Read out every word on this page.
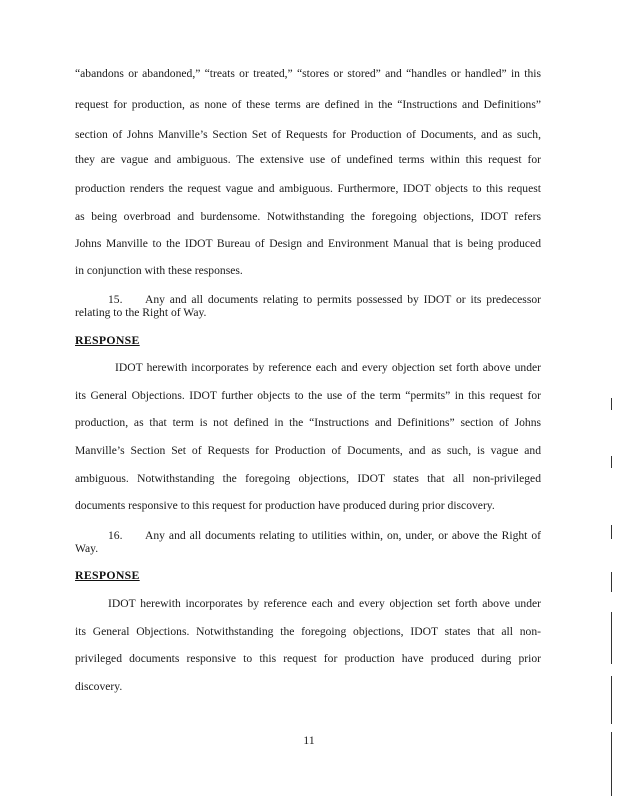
“abandons or abandoned,” “treats or treated,” “stores or stored” and “handles or handled” in this
request for production, as none of these terms are defined in the “Instructions and Definitions”
section of Johns Manville’s Section Set of Requests for Production of Documents, and as such,
they are vague and ambiguous. The extensive use of undefined terms within this request for
production renders the request vague and ambiguous. Furthermore, IDOT objects to this request
as being overbroad and burdensome. Notwithstanding the foregoing objections, IDOT refers
Johns Manville to the IDOT Bureau of Design and Environment Manual that is being produced
in conjunction with these responses.
15. Any and all documents relating to permits possessed by IDOT or its predecessor
relating to the Right of Way.
RESPONSE
IDOT herewith incorporates by reference each and every objection set forth above under
its General Objections. IDOT further objects to the use of the term “permits” in this request for
production, as that term is not defined in the “Instructions and Definitions” section of Johns
Manville’s Section Set of Requests for Production of Documents, and as such, is vague and
ambiguous. Notwithstanding the foregoing objections, IDOT states that all non-privileged
documents responsive to this request for production have produced during prior discovery.
16. Any and all documents relating to utilities within, on, under, or above the Right of
Way.
RESPONSE
IDOT herewith incorporates by reference each and every objection set forth above under
its General Objections. Notwithstanding the foregoing objections, IDOT states that all non-
privileged documents responsive to this request for production have produced during prior
discovery.
11
